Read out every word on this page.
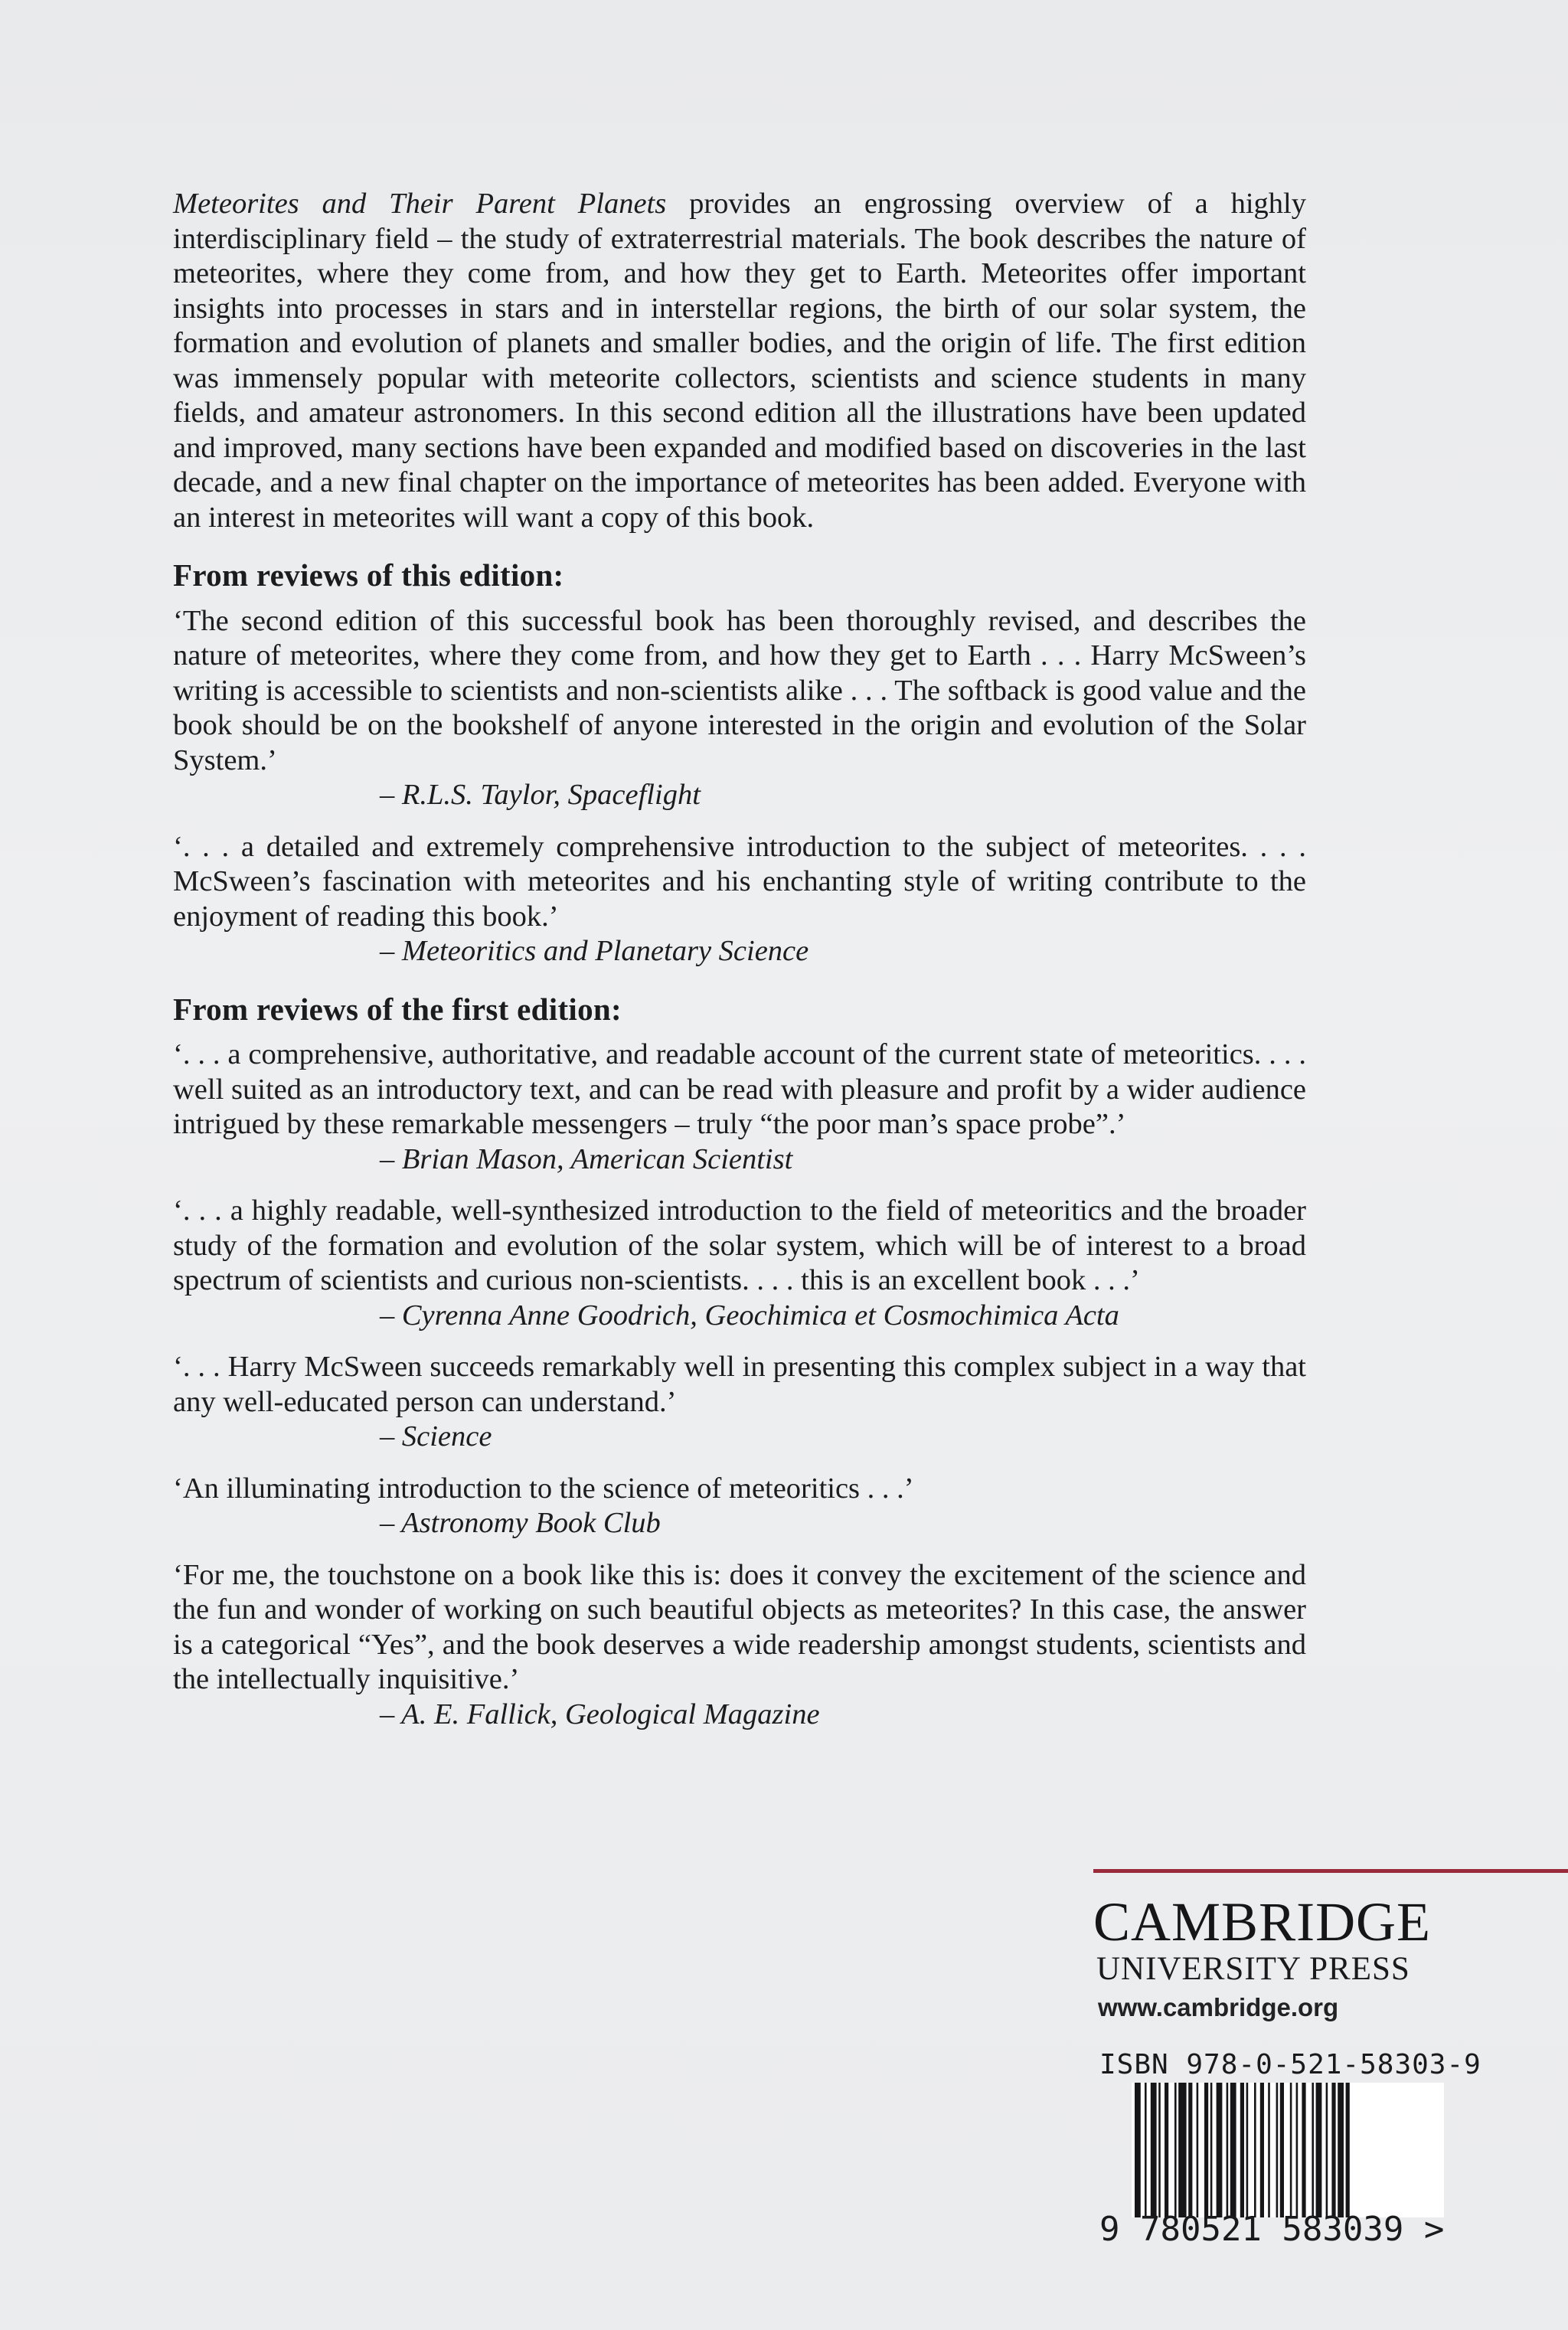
Meteorites and Their Parent Planets provides an engrossing overview of a highly interdisciplinary field – the study of extraterrestrial materials. The book describes the nature of meteorites, where they come from, and how they get to Earth. Meteorites offer important insights into processes in stars and in interstellar regions, the birth of our solar system, the formation and evolution of planets and smaller bodies, and the origin of life. The first edition was immensely popular with meteorite collectors, scientists and science students in many fields, and amateur astronomers. In this second edition all the illustrations have been updated and improved, many sections have been expanded and modified based on discoveries in the last decade, and a new final chapter on the importance of meteorites has been added. Everyone with an interest in meteorites will want a copy of this book.

From reviews of this edition:
‘The second edition of this successful book has been thoroughly revised, and describes the nature of meteorites, where they come from, and how they get to Earth . . . Harry McSween’s writing is accessible to scientists and non-scientists alike . . . The softback is good value and the book should be on the bookshelf of anyone interested in the origin and evolution of the Solar System.’
– R.L.S. Taylor, Spaceflight
‘. . . a detailed and extremely comprehensive introduction to the subject of meteorites. . . . McSween’s fascination with meteorites and his enchanting style of writing contribute to the enjoyment of reading this book.’
– Meteoritics and Planetary Science
From reviews of the first edition:
‘. . . a comprehensive, authoritative, and readable account of the current state of meteoritics. . . . well suited as an introductory text, and can be read with pleasure and profit by a wider audience intrigued by these remarkable messengers – truly “the poor man’s space probe”.’
– Brian Mason, American Scientist
‘. . . a highly readable, well-synthesized introduction to the field of meteoritics and the broader study of the formation and evolution of the solar system, which will be of interest to a broad spectrum of scientists and curious non-scientists. . . . this is an excellent book . . .’
– Cyrenna Anne Goodrich, Geochimica et Cosmochimica Acta
‘. . . Harry McSween succeeds remarkably well in presenting this complex subject in a way that any well-educated person can understand.’
– Science
‘An illuminating introduction to the science of meteoritics . . .’
– Astronomy Book Club
‘For me, the touchstone on a book like this is: does it convey the excitement of the science and the fun and wonder of working on such beautiful objects as meteorites? In this case, the answer is a categorical “Yes”, and the book deserves a wide readership amongst students, scientists and the intellectually inquisitive.’
– A. E. Fallick, Geological Magazine
CAMBRIDGE
UNIVERSITY PRESS
www.cambridge.org
ISBN 978-0-521-58303-9
9 780521 583039 >
